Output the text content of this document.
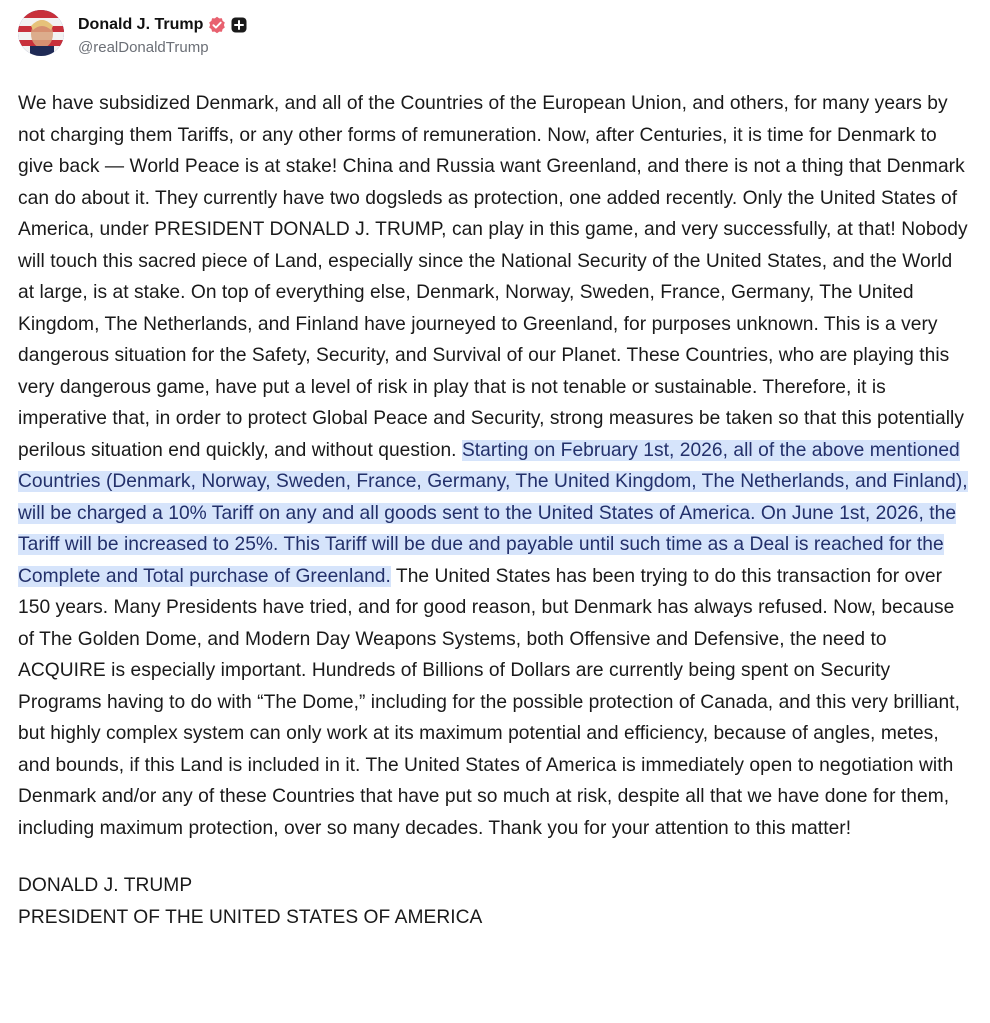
Donald J. Trump
@realDonaldTrump

We have subsidized Denmark, and all of the Countries of the European Union, and others, for many years by not charging them Tariffs, or any other forms of remuneration. Now, after Centuries, it is time for Denmark to give back — World Peace is at stake! China and Russia want Greenland, and there is not a thing that Denmark can do about it. They currently have two dogsleds as protection, one added recently. Only the United States of America, under PRESIDENT DONALD J. TRUMP, can play in this game, and very successfully, at that! Nobody will touch this sacred piece of Land, especially since the National Security of the United States, and the World at large, is at stake. On top of everything else, Denmark, Norway, Sweden, France, Germany, The United Kingdom, The Netherlands, and Finland have journeyed to Greenland, for purposes unknown. This is a very dangerous situation for the Safety, Security, and Survival of our Planet. These Countries, who are playing this very dangerous game, have put a level of risk in play that is not tenable or sustainable. Therefore, it is imperative that, in order to protect Global Peace and Security, strong measures be taken so that this potentially perilous situation end quickly, and without question. Starting on February 1st, 2026, all of the above mentioned Countries (Denmark, Norway, Sweden, France, Germany, The United Kingdom, The Netherlands, and Finland), will be charged a 10% Tariff on any and all goods sent to the United States of America. On June 1st, 2026, the Tariff will be increased to 25%. This Tariff will be due and payable until such time as a Deal is reached for the Complete and Total purchase of Greenland. The United States has been trying to do this transaction for over 150 years. Many Presidents have tried, and for good reason, but Denmark has always refused. Now, because of The Golden Dome, and Modern Day Weapons Systems, both Offensive and Defensive, the need to ACQUIRE is especially important. Hundreds of Billions of Dollars are currently being spent on Security Programs having to do with “The Dome,” including for the possible protection of Canada, and this very brilliant, but highly complex system can only work at its maximum potential and efficiency, because of angles, metes, and bounds, if this Land is included in it. The United States of America is immediately open to negotiation with Denmark and/or any of these Countries that have put so much at risk, despite all that we have done for them, including maximum protection, over so many decades. Thank you for your attention to this matter!

DONALD J. TRUMP
PRESIDENT OF THE UNITED STATES OF AMERICA
